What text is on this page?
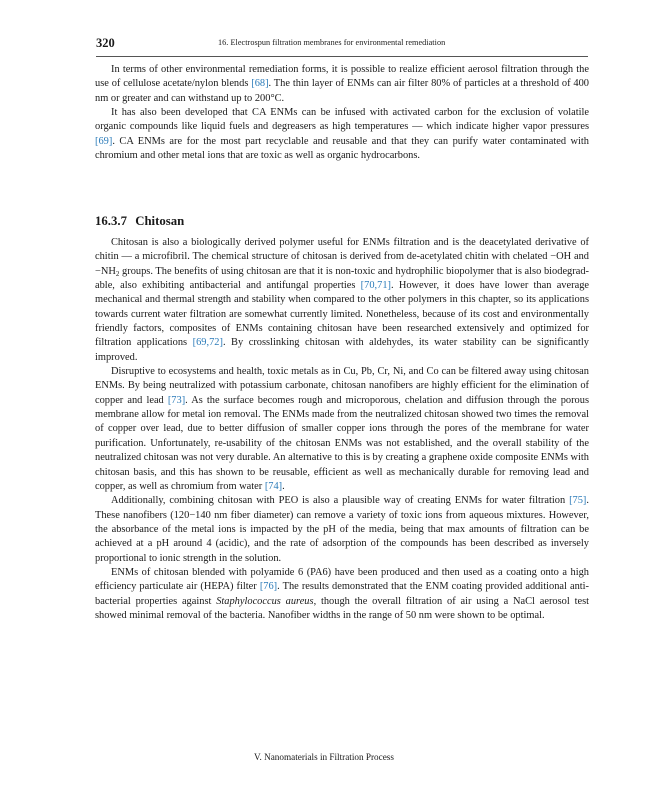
320	16. Electrospun filtration membranes for environmental remediation

In terms of other environmental remediation forms, it is possible to realize efficient aerosol filtration through the use of cellulose acetate/nylon blends [68]. The thin layer of ENMs can air filter 80% of particles at a threshold of 400 nm or greater and can withstand up to 200°C.

It has also been developed that CA ENMs can be infused with activated carbon for the exclusion of volatile organic compounds like liquid fuels and degreasers as high temperatures — which indicate higher vapor pressures [69]. CA ENMs are for the most part recyclable and reusable and that they can purify water contaminated with chromium and other metal ions that are toxic as well as organic hydrocarbons.

16.3.7 Chitosan

Chitosan is also a biologically derived polymer useful for ENMs filtration and is the deacetylated derivative of chitin — a microfibril. The chemical structure of chitosan is derived from de-acetylated chitin with chelated −OH and $-NH_2$ groups. The benefits of using chitosan are that it is non-toxic and hydrophilic biopolymer that is also biodegradable, also exhibiting antibacterial and antifungal properties [70,71]. However, it does have lower than average mechanical and thermal strength and stability when compared to the other polymers in this chapter, so its applications towards current water filtration are somewhat currently limited. Nonetheless, because of its cost and environmentally friendly factors, composites of ENMs containing chitosan have been researched extensively and optimized for filtration applications [69,72]. By crosslinking chitosan with aldehydes, its water stability can be significantly improved.

Disruptive to ecosystems and health, toxic metals as in Cu, Pb, Cr, Ni, and Co can be filtered away using chitosan ENMs. By being neutralized with potassium carbonate, chitosan nanofibers are highly efficient for the elimination of copper and lead [73]. As the surface becomes rough and microporous, chelation and diffusion through the porous membrane allow for metal ion removal. The ENMs made from the neutralized chitosan showed two times the removal of copper over lead, due to better diffusion of smaller copper ions through the pores of the membrane for water purification. Unfortunately, re-usability of the chitosan ENMs was not established, and the overall stability of the neutralized chitosan was not very durable. An alternative to this is by creating a graphene oxide composite ENMs with chitosan basis, and this has shown to be reusable, efficient as well as mechanically durable for removing lead and copper, as well as chromium from water [74].

Additionally, combining chitosan with PEO is also a plausible way of creating ENMs for water filtration [75]. These nanofibers (120−140 nm fiber diameter) can remove a variety of toxic ions from aqueous mixtures. However, the absorbance of the metal ions is impacted by the pH of the media, being that max amounts of filtration can be achieved at a pH around 4 (acidic), and the rate of adsorption of the compounds has been described as inversely proportional to ionic strength in the solution.

ENMs of chitosan blended with polyamide 6 (PA6) have been produced and then used as a coating onto a high efficiency particulate air (HEPA) filter [76]. The results demonstrated that the ENM coating provided additional anti-bacterial properties against Staphylococcus aureus, though the overall filtration of air using a NaCl aerosol test showed minimal removal of the bacteria. Nanofiber widths in the range of 50 nm were shown to be optimal.

V. Nanomaterials in Filtration Process
